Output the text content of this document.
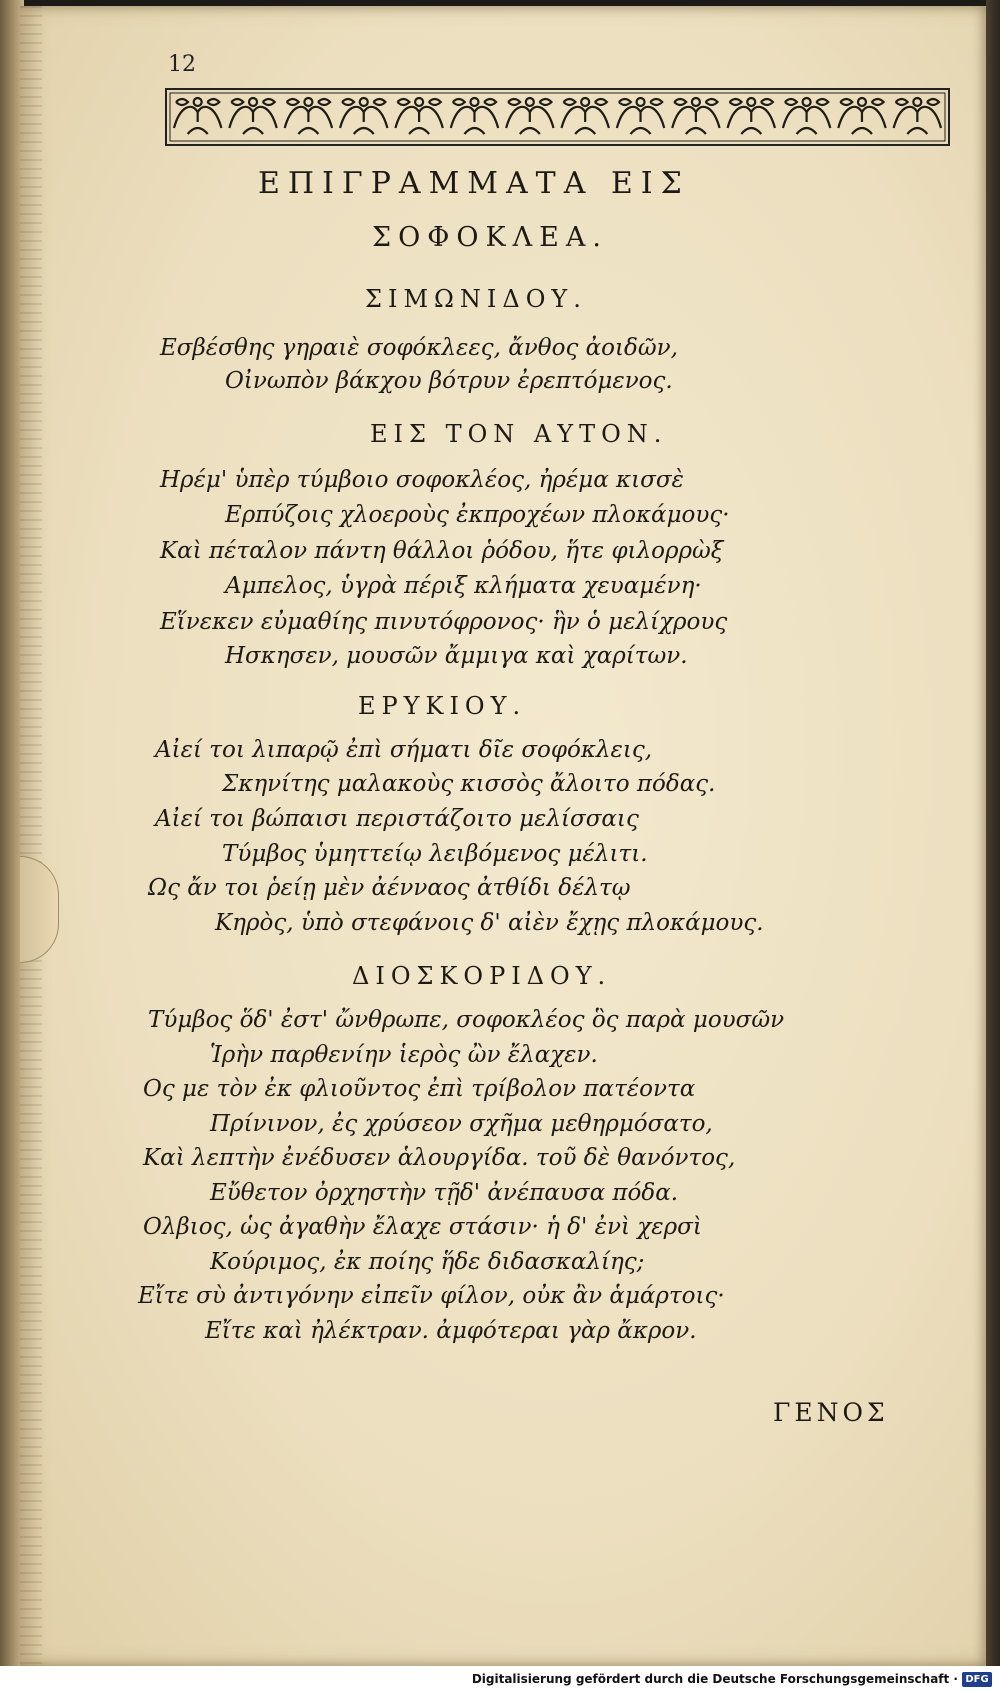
12
ΕΠΙΓΡΑΜΜΑΤΑ ΕΙΣ
ΣΟΦΟΚΛΕΑ.
ΣΙΜΩΝΙΔΟΥ.
Εσβέσθης γηραιὲ σοφόκλεες, ἄνθος ἀοιδῶν,
Οἰνωπὸν βάκχου βότρυν ἐρεπτόμενος.
ΕΙΣ ΤΟΝ ΑΥΤΟΝ.
Ηρέμ' ὑπὲρ τύμβοιο σοφοκλέος, ἠρέμα κισσὲ
Ερπύζοις χλοεροὺς ἐκπροχέων πλοκάμους·
Καὶ πέταλον πάντη θάλλοι ῥόδου, ἥτε φιλορρὼξ
Αμπελος, ὑγρὰ πέριξ κλήματα χευαμένη·
Εἵνεκεν εὐμαθίης πινυτόφρονος· ἣν ὁ μελίχρους
Ησκησεν, μουσῶν ἄμμιγα καὶ χαρίτων.
ΕΡΥΚΙΟΥ.
Αἰεί τοι λιπαρῷ ἐπὶ σήματι δῖε σοφόκλεις,
Σκηνίτης μαλακοὺς κισσὸς ἄλοιτο πόδας.
Αἰεί τοι βώπαισι περιστάζοιτο μελίσσαις
Τύμβος ὑμηττείῳ λειβόμενος μέλιτι.
Ως ἄν τοι ῥείῃ μὲν ἀένναος ἀτθίδι δέλτῳ
Κηρὸς, ὑπὸ στεφάνοις δ' αἰὲν ἔχῃς πλοκάμους.
ΔΙΟΣΚΟΡΙΔΟΥ.
Τύμβος ὅδ' ἐστ' ὤνθρωπε, σοφοκλέος ὃς παρὰ μουσῶν
Ἱρὴν παρθενίην ἱερὸς ὢν ἔλαχεν.
Ος με τὸν ἐκ φλιοῦντος ἐπὶ τρίβολον πατέοντα
Πρίνινον, ἐς χρύσεον σχῆμα μεθηρμόσατο,
Καὶ λεπτὴν ἐνέδυσεν ἁλουργίδα. τοῦ δὲ θανόντος,
Εὔθετον ὀρχηστὴν τῇδ' ἀνέπαυσα πόδα.
Ολβιος, ὡς ἀγαθὴν ἔλαχε στάσιν· ἡ δ' ἐνὶ χερσὶ
Κούριμος, ἐκ ποίης ἥδε διδασκαλίης;
Εἴτε σὺ ἀντιγόνην εἰπεῖν φίλον, οὐκ ἂν ἁμάρτοις·
Εἴτε καὶ ἠλέκτραν. ἀμφότεραι γὰρ ἄκρον.
ΓΕΝΟΣ
Digitalisierung gefördert durch die Deutsche Forschungsgemeinschaft · DFG
